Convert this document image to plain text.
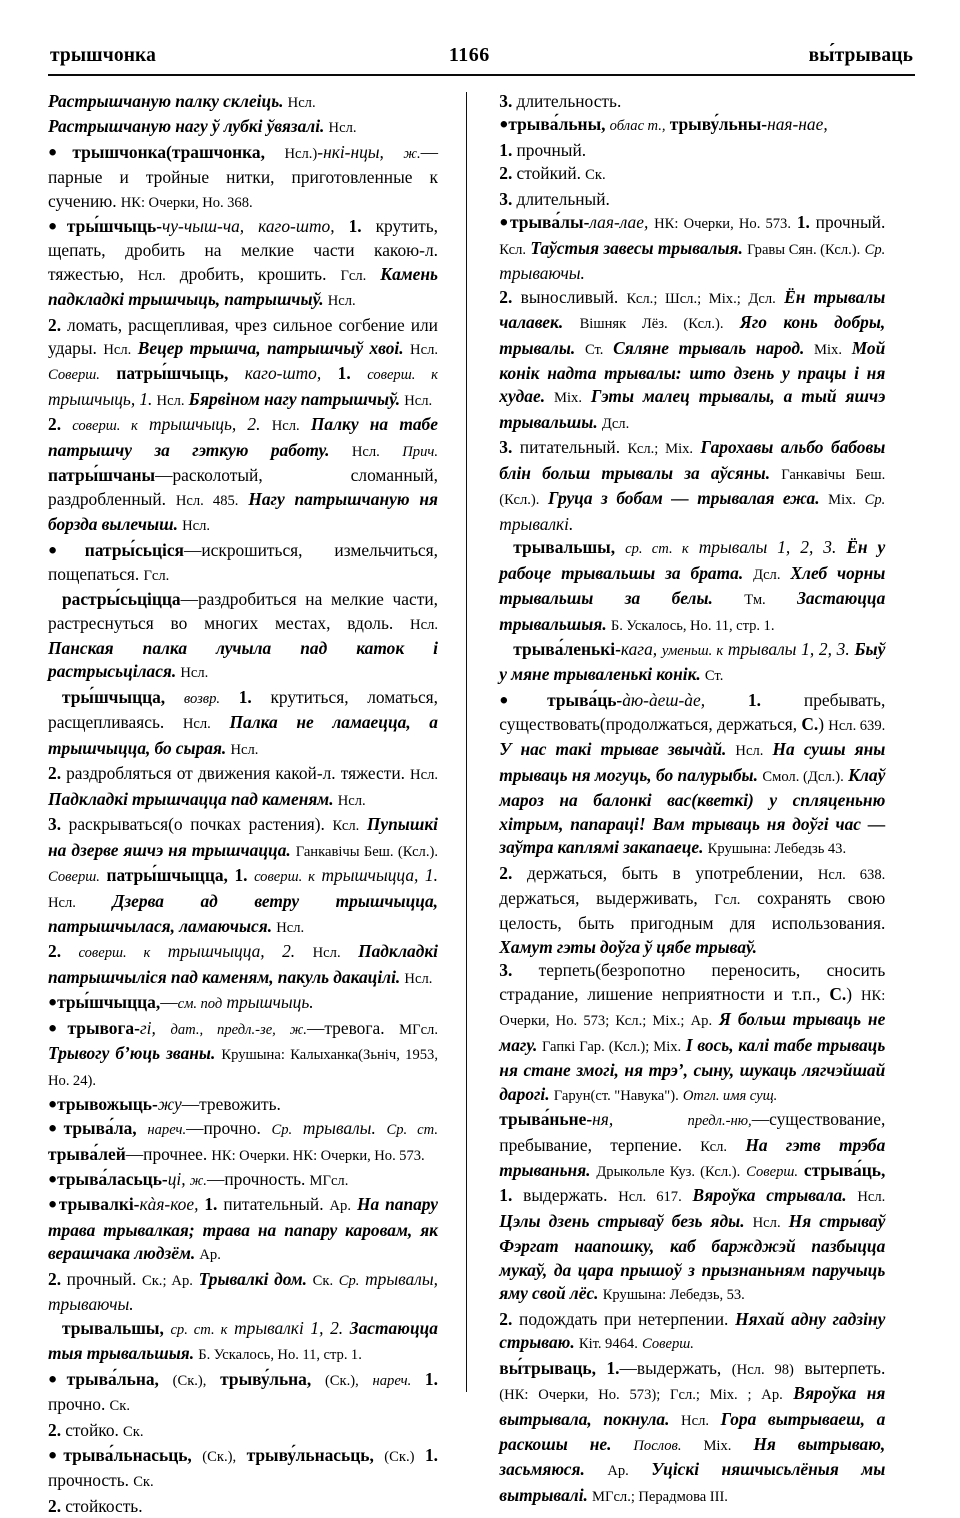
трышчонка	1166	вы́трываць

Растрышчаную палку склеіць. Нсл.

Растрышчаную нагу ў лубкі ўвязалі. Нсл.

●трышчонка(трашчонка, Нсл.)-нкі-нцы, ж.—парные и тройные нитки, приготовленные к сучению. НК: Очерки, Но. 368.

●тры́шчыць-чу-чыш-ча, каго-што, 1. крутить, щепать, дробить на мелкие части какою-л. тяжестью, Нсл. дробить, крошить. Гсл. Камень падкладкі трышчыць, патрышчыў. Нсл.

2. ломать, расщепливая, чрез сильное согбение или удары. Нсл. Вецер трышча, патрышчыў хвоі. Нсл. Соверш. патры́шчыць, каго-што, 1. соверш. к трышчыць, 1. Нсл. Бярвіном нагу патрышчыў. Нсл.

2. соверш. к трышчыць, 2. Нсл. Палку на табе патрышчу за гэткую работу. Нсл. Прич. патры́шчаны—расколотый, сломанный, раздробленный. Нсл. 485. Нагу патрышчаную ня борзда вылечыш. Нсл.

●патры́сьціся—искрошиться, измельчиться, пощепаться. Гсл.

растры́сьціцца—раздробиться на мелкие части, растреснуться во многих местах, вдоль. Нсл. Панская палка лучыла пад каток і растрысьцілася. Нсл.

тры́шчыцца, возвр. 1. крутиться, ломаться, расщепливаясь. Нсл. Палка не ламаецца, а трышчыцца, бо сырая. Нсл.

2. раздробляться от движения какой-л. тяжести. Нсл. Падкладкі трышчацца пад каменям. Нсл.

3. раскрываться(о почках растения). Ксл. Пупышкі на дзерве яшчэ ня трышчацца. Ганкавічы Беш. (Ксл.). Соверш. патры́шчыцца, 1. соверш. к трышчыцца, 1. Нсл. Дзерва ад ветру трышчыцца, патрышчылася, ламаючыся. Нсл.

2. соверш. к трышчыцца, 2. Нсл. Падкладкі патрышчыліся пад каменям, пакуль дакацілі. Нсл.

●тры́шчыцца,—см. под трышчыць.

●трывога-гі, дат., предл.-зе, ж.—тревога. МГсл. Трывогу б’юць званы. Крушына: Калыханка(Зьніч, 1953, Но. 24).

●трывожыць-жу—тревожить.

●трыва́ла, нареч.—прочно. Ср. трывалы. Ср. ст. трыва́лей—прочнее. НК: Очерки. НК: Очерки, Но. 573.

●трыва́ласьць-ці, ж.—прочность. МГсл.

●трывалкі-кàя-кое, 1. питательный. Ар. На папару трава трывалкая; трава на папару каровам, як верашчака людзём. Ар.

2. прочный. Ск.; Ар. Трывалкі дом. Ск. Ср. трывалы, трываючы.

трывальшы, ср. ст. к трывалкі 1, 2. Застаюцца тыя трывальшыя. Б. Ускалось, Но. 11, стр. 1.

●трыва́льна, (Ск.), трыву́льна, (Ск.), нареч. 1. прочно. Ск.

2. стойко. Ск.

●трыва́льнасьць, (Ск.), трыву́льнасьць, (Ск.) 1. прочность. Ск.

2. стойкость.

3. длительность.

●трыва́льны, облас т., трыву́льны-ная-нае,

1. прочный.

2. стойкий. Ск.

3. длительный.

●трыва́лы-лая-лае, НК: Очерки, Но. 573. 1. прочный. Ксл. Таўстыя завесы трывалыя. Гравы Сян. (Ксл.). Ср. трываючы.

2. выносливый. Ксл.; Шсл.; Міх.; Дсл. Ён трывалы чалавек. Вішняк Лёз. (Ксл.). Яго конь добры, трывалы. Ст. Сяляне трываль народ. Міх. Мой конік надта трывалы: што дзень у працы і ня худае. Міх. Гэты малец трывалы, а тый яшчэ трывальшы. Дсл.

3. питательный. Ксл.; Міх. Гарохавы альбо бабовы блін больш трывалы за аўсяны. Ганкавічы Беш. (Ксл.). Груца з бобам — трывалая ежа. Міх. Ср. трывалкі.

трывальшы, ср. ст. к трывалы 1, 2, 3. Ён у рабоце трывальшы за брата. Дсл. Хлеб чорны трывальшы за белы. Тм. Застаюцца трывальшыя. Б. Ускалось, Но. 11, стр. 1.

трыва́ленькі-кага, уменьш. к трывалы 1, 2, 3. Быў у мяне трываленькі конік. Ст.

●трыва́ць-àю-àеш-àе, 1. пребывать, существовать(продолжаться, держаться, С.) Нсл. 639. У нас такі трывае звычàй. Нсл. На сушы яны трываць ня могуць, бо палурыбы. Смол. (Дсл.). Клаў мароз на балонкі вас(кветкі) у спляценьню хітрым, папараці! Вам трываць ня доўгі час — заўтра каплямі закапаеце. Крушына: Лебедзь 43.

2. держаться, быть в употреблении, Нсл. 638. держаться, выдерживать, Гсл. сохранять свою целость, быть пригодным для использования. Хамут гэты доўга ў цябе трываў.

3. терпеть(безропотно переносить, сносить страдание, лишение неприятности и т.п., С.) НК: Очерки, Но. 573; Ксл.; Міх.; Ар. Я больш трываць не магу. Гапкі Гар. (Ксл.); Міх. І вось, калі табе трываць ня стане змогі, ня трэ’, сыну, шукаць лягчэйшай дарогі. Гарун(ст. "Навука"). Отгл. имя сущ.

трыва́ньне-ня,	предл.-ню,—существование, пребывание, терпение. Ксл. На гэтв трэба трываньня. Дрыкольле Куз. (Ксл.). Соверш. стрыва́ць, 1. выдержать. Нсл. 617. Вяроўка стрывала. Нсл. Цэлы дзень стрываў безь яды. Нсл. Ня стрываў Фэргат наапошку, каб баржджэй пазбыцца мукаў, да цара прышоў з прызнаньням паручыць яму свой лёс. Крушына: Лебедзь, 53.

2. подождать при нетерпении. Няхай адну гадзіну стрываю. Кіт. 9464. Соверш.

вы́трываць, 1.—выдержать, (Нсл. 98) вытерпеть. (НК: Очерки, Но. 573); Гсл.; Міх. ; Ар. Вяроўка ня вытрывала, покнула. Нсл. Гора вытрываеш, а раскошы не. Послов. Міх. Ня вытрываю, засьмяюся. Ар. Уціскі няшчысьлёныя мы вытрывалі. МГсл.; Перадмова III.
